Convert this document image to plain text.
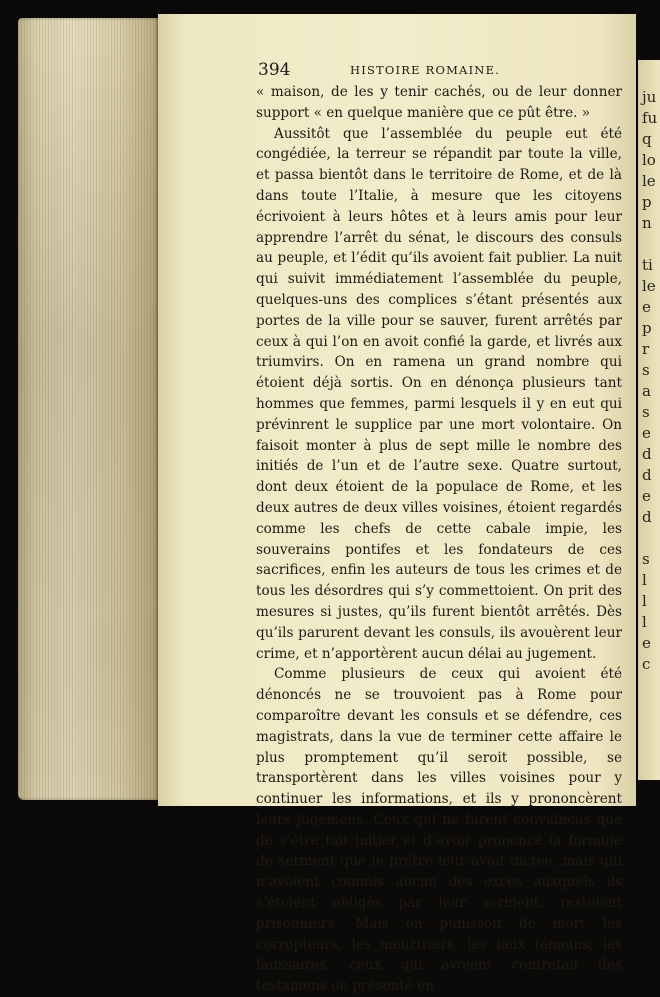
ju
fu
q
lo
le
p
n
ti
le
e
p
r
s
a
s
e
d
d
e
d
s
l
l
l
e
c
394	HISTOIRE ROMAINE.

« maison, de les y tenir cachés, ou de leur donner support « en quelque manière que ce pût être. »

Aussitôt que l’assemblée du peuple eut été congédiée, la terreur se répandit par toute la ville, et passa bientôt dans le territoire de Rome, et de là dans toute l’Italie, à mesure que les citoyens écrivoient à leurs hôtes et à leurs amis pour leur apprendre l’arrêt du sénat, le discours des consuls au peuple, et l’édit qu’ils avoient fait publier. La nuit qui suivit immédiatement l’assemblée du peuple, quelques-uns des complices s’étant présentés aux portes de la ville pour se sauver, furent arrêtés par ceux à qui l’on en avoit confié la garde, et livrés aux triumvirs. On en ramena un grand nombre qui étoient déjà sortis. On en dénonça plusieurs tant hommes que femmes, parmi lesquels il y en eut qui prévinrent le supplice par une mort volontaire. On faisoit monter à plus de sept mille le nombre des initiés de l’un et de l’autre sexe. Quatre surtout, dont deux étoient de la populace de Rome, et les deux autres de deux villes voisines, étoient regardés comme les chefs de cette cabale impie, les souverains pontifes et les fondateurs de ces sacrifices, enfin les auteurs de tous les crimes et de tous les désordres qui s’y commettoient. On prit des mesures si justes, qu’ils furent bientôt arrêtés. Dès qu’ils parurent devant les consuls, ils avouèrent leur crime, et n’apportèrent aucun délai au jugement.

Comme plusieurs de ceux qui avoient été dénoncés ne se trouvoient pas à Rome pour comparoître devant les consuls et se défendre, ces magistrats, dans la vue de terminer cette affaire le plus promptement qu’il seroit possible, se transportèrent dans les villes voisines pour y continuer les informations, et ils y prononcèrent leurs jugemens. Ceux qui ne furent convaincus que de s’être fait initier et d’avoir prononcé la formule de serment que le prêtre leur avoit dictée, mais qui n’avoient commis aucun des excès auxquels ils s’étoient obligés par leur serment, restoient prisonniers. Mais on punissoit de mort les corrupteurs, les meurtriers, les faux témoins, les faussaires, ceux qui avoient contrefait des testamens ou présenté en
